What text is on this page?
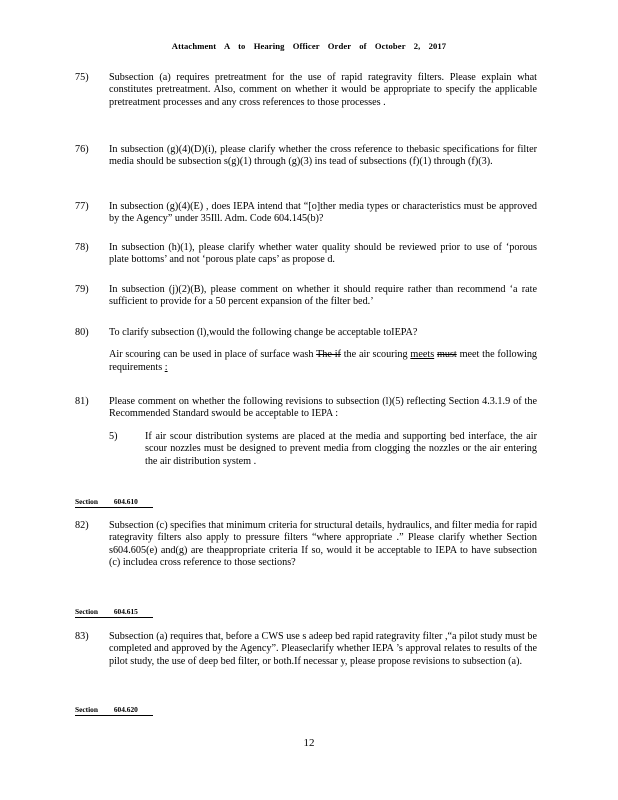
Attachment A to Hearing Officer Order of October 2, 2017
75)	Subsection (a) requires pretreatment for the use of rapid rategravity filters. Please explain what constitutes pretreatment. Also, comment on whether it would be appropriate to specify the applicable pretreatment processes and any cross references to those processes .
76)	In subsection (g)(4)(D)(i), please clarify whether the cross reference to thebasic specifications for filter media should be subsection s(g)(1) through (g)(3) ins tead of subsections (f)(1) through (f)(3).
77)	In subsection (g)(4)(E) , does IEPA intend that “[o]ther media types or characteristics must be approved by the Agency” under 35Ill. Adm. Code 604.145(b)?
78)	In subsection (h)(1), please clarify whether water quality should be reviewed prior to use of ‘porous plate bottoms’ and not ‘porous plate caps’ as propose d.
79)	In subsection (j)(2)(B), please comment on whether it should require rather than recommend ‘a rate sufficient to provide for a 50 percent expansion of the filter bed.’
80)	To clarify subsection (l),would the following change be acceptable toIEPA?
Air scouring can be used in place of surface wash The if the air scouring meets must meet the following requirements :
81)	Please comment on whether the following revisions to subsection (l)(5) reflecting Section 4.3.1.9 of the Recommended Standard swould be acceptable to IEPA :
5)	If air scour distribution systems are placed at the media and supporting bed interface, the air scour nozzles must be designed to prevent media from clogging the nozzles or the air entering the air distribution system .
Section 604.610
82)	Subsection (c) specifies that minimum criteria for structural details, hydraulics, and filter media for rapid rategravity filters also apply to pressure filters “where appropriate .” Please clarify whether Section s604.605(e) and(g) are theappropriate criteria If so, would it be acceptable to IEPA to have subsection (c) includea cross reference to those sections?
Section 604.615
83)	Subsection (a) requires that, before a CWS use s adeep bed rapid rategravity filter ,“a pilot study must be completed and approved by the Agency”. Pleaseclarify whether IEPA ’s approval relates to results of the pilot study, the use of deep bed filter, or both.If necessar y, please propose revisions to subsection (a).
Section 604.620
12
